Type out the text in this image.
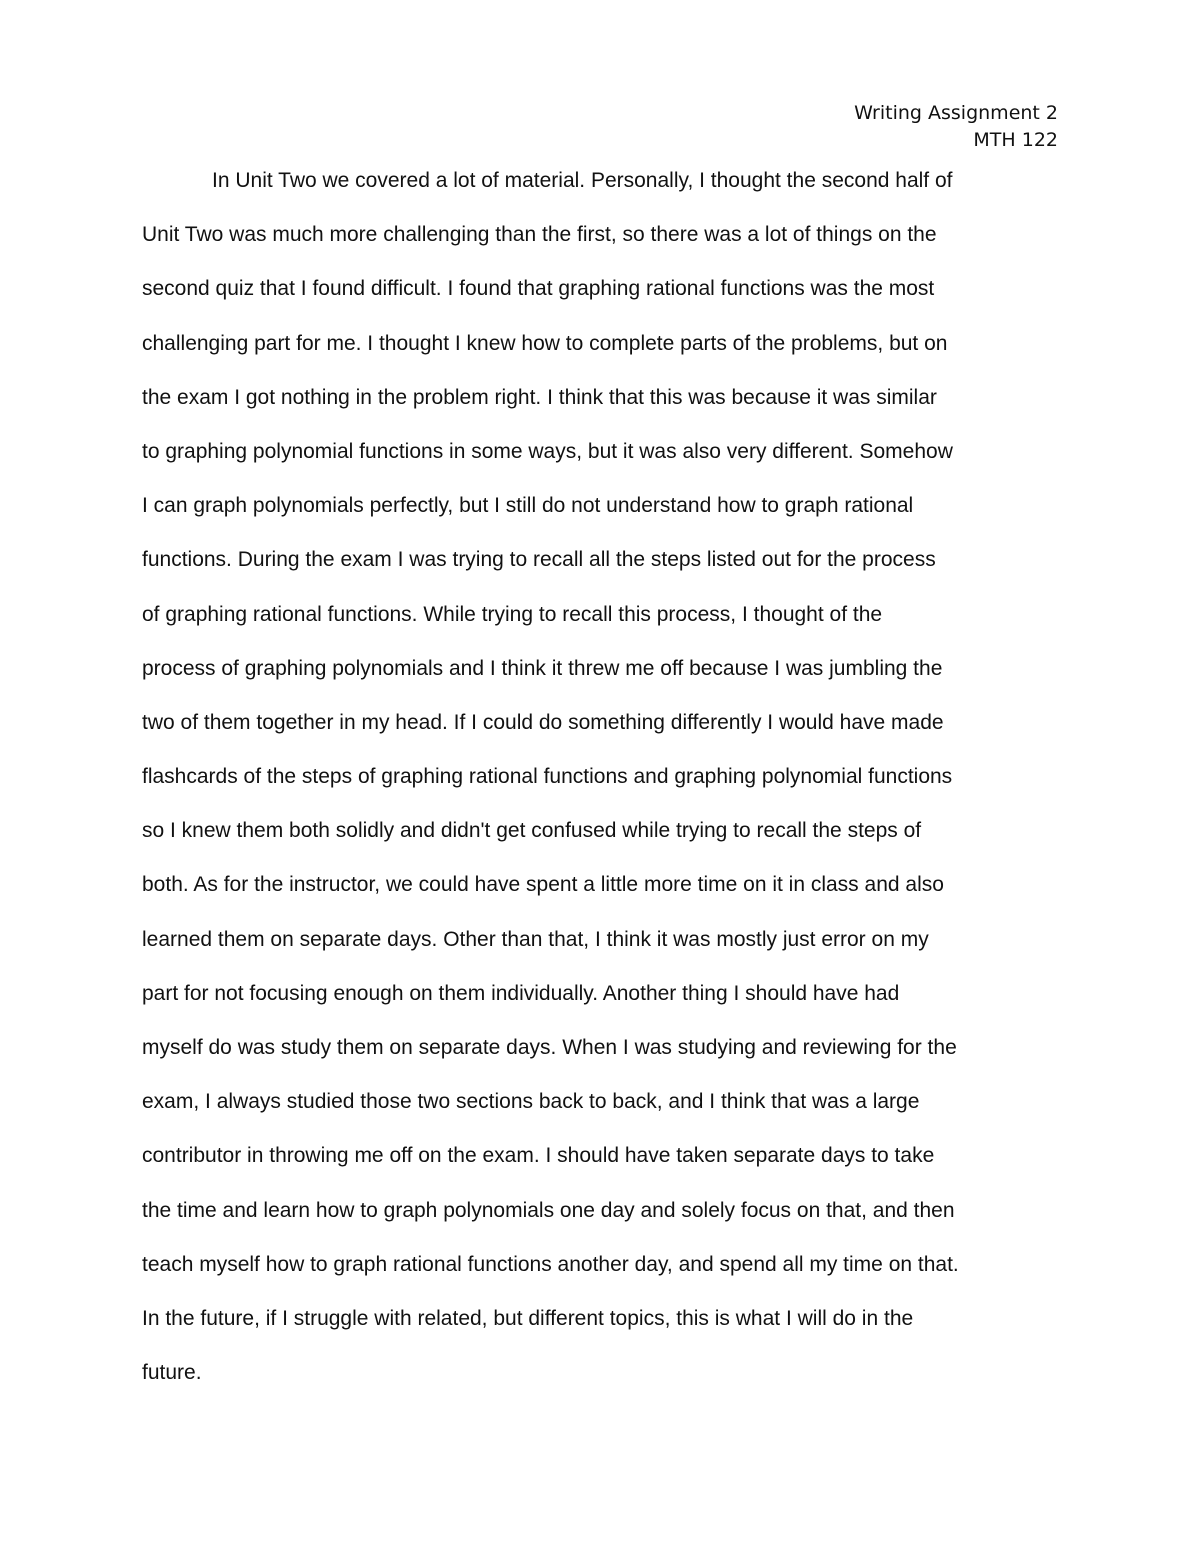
Writing Assignment 2
MTH 122
In Unit Two we covered a lot of material. Personally, I thought the second half of
Unit Two was much more challenging than the first, so there was a lot of things on the
second quiz that I found difficult. I found that graphing rational functions was the most
challenging part for me. I thought I knew how to complete parts of the problems, but on
the exam I got nothing in the problem right. I think that this was because it was similar
to graphing polynomial functions in some ways, but it was also very different. Somehow
I can graph polynomials perfectly, but I still do not understand how to graph rational
functions. During the exam I was trying to recall all the steps listed out for the process
of graphing rational functions. While trying to recall this process, I thought of the
process of graphing polynomials and I think it threw me off because I was jumbling the
two of them together in my head. If I could do something differently I would have made
flashcards of the steps of graphing rational functions and graphing polynomial functions
so I knew them both solidly and didn't get confused while trying to recall the steps of
both. As for the instructor, we could have spent a little more time on it in class and also
learned them on separate days. Other than that, I think it was mostly just error on my
part for not focusing enough on them individually. Another thing I should have had
myself do was study them on separate days. When I was studying and reviewing for the
exam, I always studied those two sections back to back, and I think that was a large
contributor in throwing me off on the exam. I should have taken separate days to take
the time and learn how to graph polynomials one day and solely focus on that, and then
teach myself how to graph rational functions another day, and spend all my time on that.
In the future, if I struggle with related, but different topics, this is what I will do in the
future.
